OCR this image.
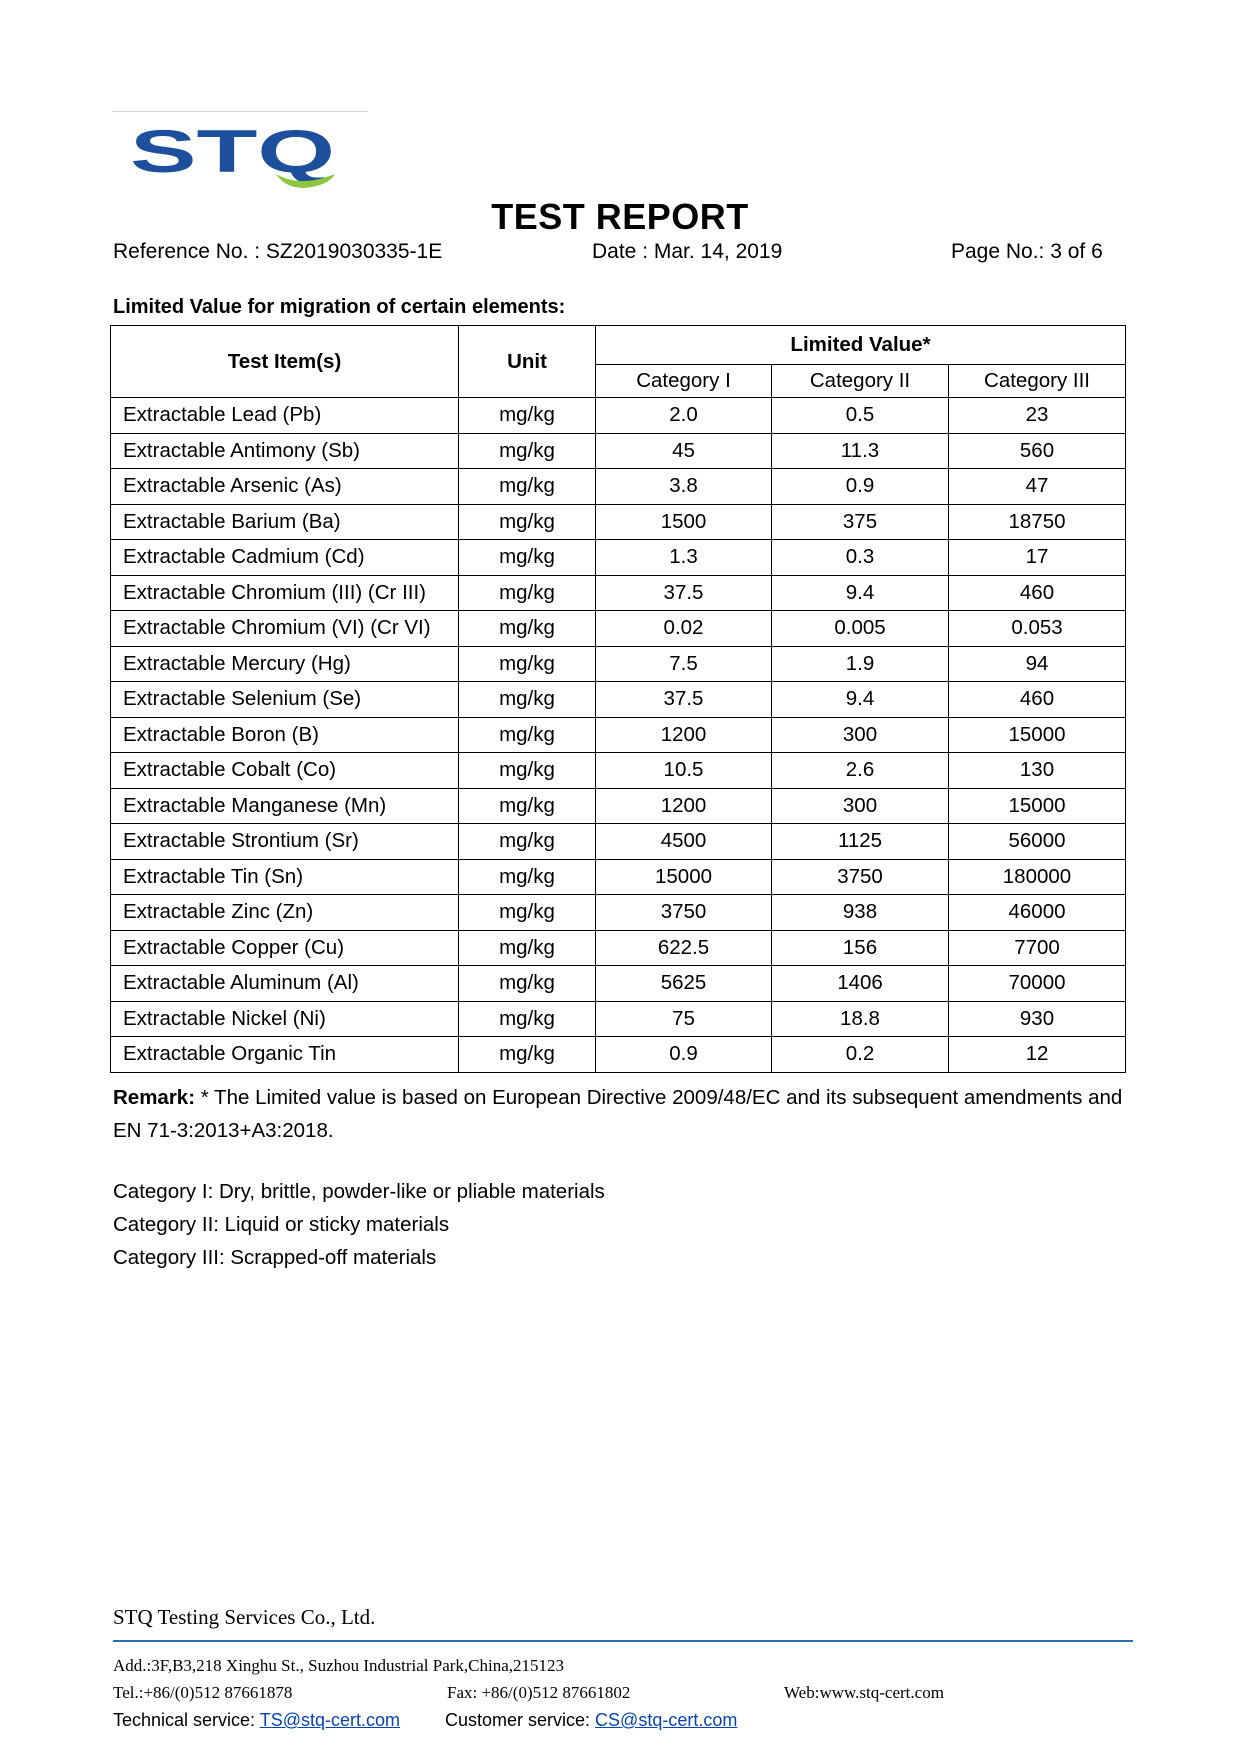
STQ
TEST REPORT
Reference No. : SZ2019030335-1E	Date : Mar. 14, 2019	Page No.: 3 of 6
Limited Value for migration of certain elements:
Test Item(s)	Unit	Limited Value*		
		Category I	Category II	Category III
Extractable Lead (Pb)	mg/kg	2.0	0.5	23
Extractable Antimony (Sb)	mg/kg	45	11.3	560
Extractable Arsenic (As)	mg/kg	3.8	0.9	47
Extractable Barium (Ba)	mg/kg	1500	375	18750
Extractable Cadmium (Cd)	mg/kg	1.3	0.3	17
Extractable Chromium (III) (Cr III)	mg/kg	37.5	9.4	460
Extractable Chromium (VI) (Cr VI)	mg/kg	0.02	0.005	0.053
Extractable Mercury (Hg)	mg/kg	7.5	1.9	94
Extractable Selenium (Se)	mg/kg	37.5	9.4	460
Extractable Boron (B)	mg/kg	1200	300	15000
Extractable Cobalt (Co)	mg/kg	10.5	2.6	130
Extractable Manganese (Mn)	mg/kg	1200	300	15000
Extractable Strontium (Sr)	mg/kg	4500	1125	56000
Extractable Tin (Sn)	mg/kg	15000	3750	180000
Extractable Zinc (Zn)	mg/kg	3750	938	46000
Extractable Copper (Cu)	mg/kg	622.5	156	7700
Extractable Aluminum (Al)	mg/kg	5625	1406	70000
Extractable Nickel (Ni)	mg/kg	75	18.8	930
Extractable Organic Tin	mg/kg	0.9	0.2	12
Remark: * The Limited value is based on European Directive 2009/48/EC and its subsequent amendments and EN 71-3:2013+A3:2018.
Category I: Dry, brittle, powder-like or pliable materials
Category II: Liquid or sticky materials
Category III: Scrapped-off materials
STQ Testing Services Co., Ltd.
Add.:3F,B3,218 Xinghu St., Suzhou Industrial Park,China,215123
Tel.:+86/(0)512 87661878	Fax: +86/(0)512 87661802	Web:www.stq-cert.com
Technical service: TS@stq-cert.com Customer service: CS@stq-cert.com
